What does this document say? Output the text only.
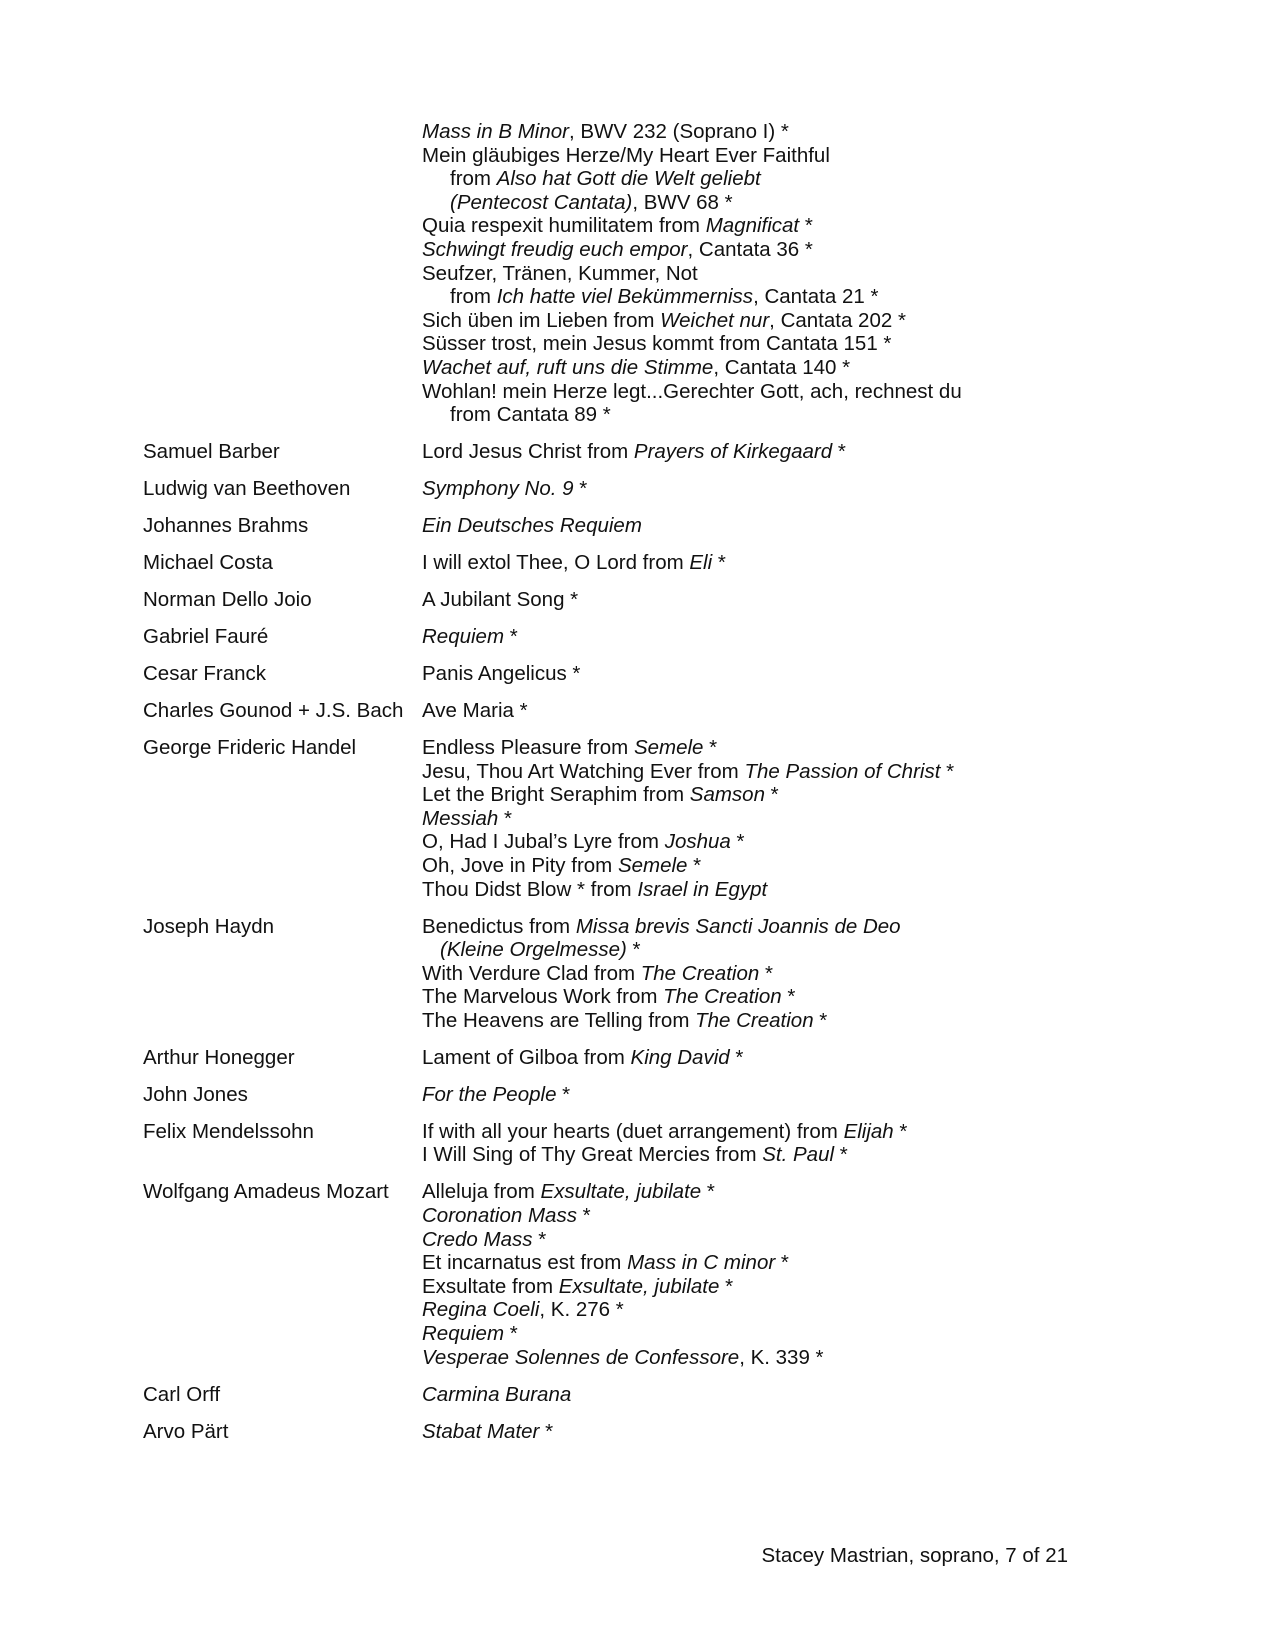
Mass in B Minor, BWV 232 (Soprano I) *
Mein gläubiges Herze/My Heart Ever Faithful
from Also hat Gott die Welt geliebt
(Pentecost Cantata), BWV 68 *
Quia respexit humilitatem from Magnificat *
Schwingt freudig euch empor, Cantata 36 *
Seufzer, Tränen, Kummer, Not
from Ich hatte viel Bekümmerniss, Cantata 21 *
Sich üben im Lieben from Weichet nur, Cantata 202 *
Süsser trost, mein Jesus kommt from Cantata 151 *
Wachet auf, ruft uns die Stimme, Cantata 140 *
Wohlan! mein Herze legt...Gerechter Gott, ach, rechnest du
from Cantata 89 *
Samuel Barber	Lord Jesus Christ from Prayers of Kirkegaard *
Ludwig van Beethoven	Symphony No. 9 *
Johannes Brahms	Ein Deutsches Requiem
Michael Costa	I will extol Thee, O Lord from Eli *
Norman Dello Joio	A Jubilant Song *
Gabriel Fauré	Requiem *
Cesar Franck	Panis Angelicus *
Charles Gounod + J.S. Bach Ave Maria *
George Frideric Handel	Endless Pleasure from Semele *
Jesu, Thou Art Watching Ever from The Passion of Christ *
Let the Bright Seraphim from Samson *
Messiah *
O, Had I Jubal’s Lyre from Joshua *
Oh, Jove in Pity from Semele *
Thou Didst Blow * from Israel in Egypt
Joseph Haydn	Benedictus from Missa brevis Sancti Joannis de Deo
(Kleine Orgelmesse) *
With Verdure Clad from The Creation *
The Marvelous Work from The Creation *
The Heavens are Telling from The Creation *
Arthur Honegger	Lament of Gilboa from King David *
John Jones	For the People *
Felix Mendelssohn	If with all your hearts (duet arrangement) from Elijah *
I Will Sing of Thy Great Mercies from St. Paul *
Wolfgang Amadeus Mozart	Alleluja from Exsultate, jubilate *
Coronation Mass *
Credo Mass *
Et incarnatus est from Mass in C minor *
Exsultate from Exsultate, jubilate *
Regina Coeli, K. 276 *
Requiem *
Vesperae Solennes de Confessore, K. 339 *
Carl Orff	Carmina Burana
Arvo Pärt	Stabat Mater *
Stacey Mastrian, soprano, 7 of 21
